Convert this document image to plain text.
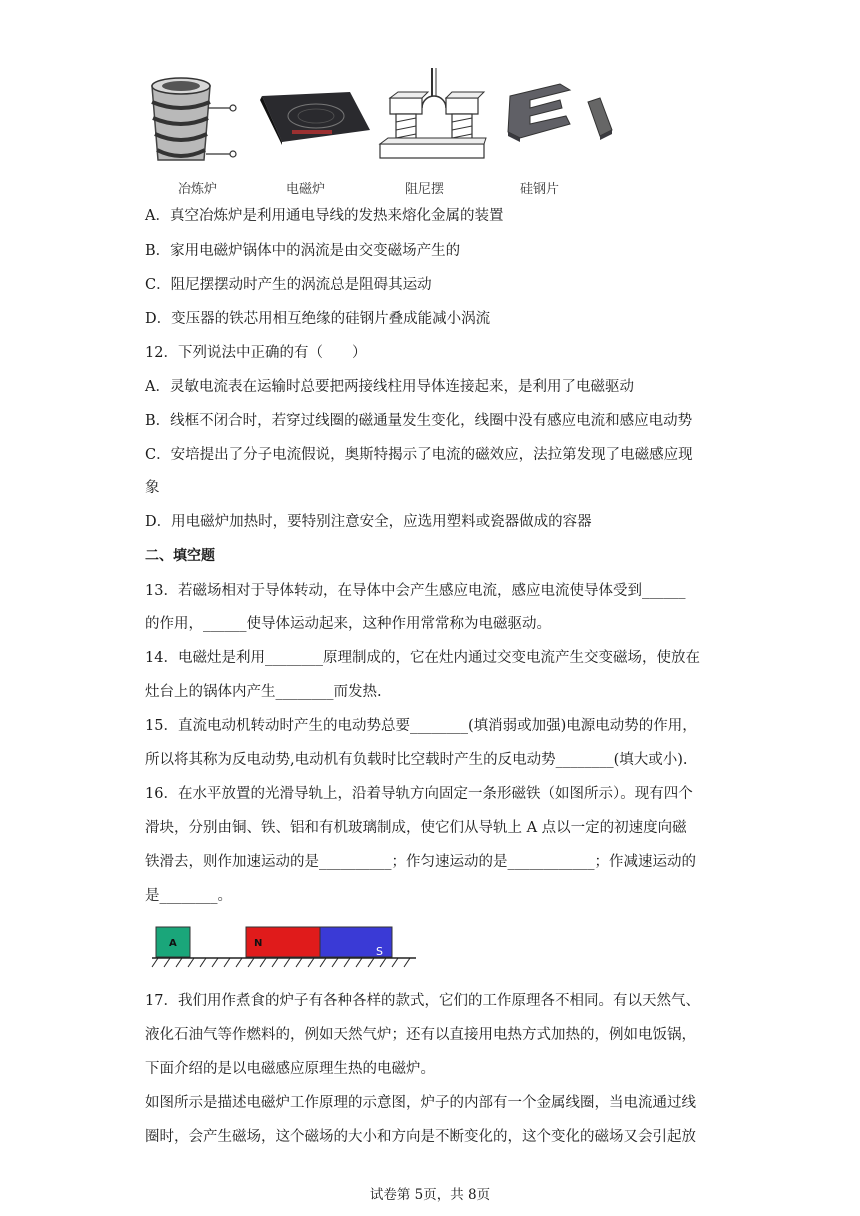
冶炼炉	电磁炉	阻尼摆	硅钢片
A．真空冶炼炉是利用通电导线的发热来熔化金属的装置
B．家用电磁炉锅体中的涡流是由交变磁场产生的
C．阻尼摆摆动时产生的涡流总是阻碍其运动
D．变压器的铁芯用相互绝缘的硅钢片叠成能减小涡流
12．下列说法中正确的有（　　）
A．灵敏电流表在运输时总要把两接线柱用导体连接起来，是利用了电磁驱动
B．线框不闭合时，若穿过线圈的磁通量发生变化，线圈中没有感应电流和感应电动势
C．安培提出了分子电流假说，奥斯特揭示了电流的磁效应，法拉第发现了电磁感应现
象
D．用电磁炉加热时，要特别注意安全，应选用塑料或瓷器做成的容器
二、填空题
13．若磁场相对于导体转动，在导体中会产生感应电流，感应电流使导体受到______
的作用，______使导体运动起来，这种作用常常称为电磁驱动。
14．电磁灶是利用________原理制成的，它在灶内通过交变电流产生交变磁场，使放在
灶台上的锅体内产生________而发热.
15．直流电动机转动时产生的电动势总要________(填消弱或加强)电源电动势的作用，
所以将其称为反电动势,电动机有负载时比空载时产生的反电动势________(填大或小).
16．在水平放置的光滑导轨上，沿着导轨方向固定一条形磁铁（如图所示）。现有四个
滑块，分别由铜、铁、铝和有机玻璃制成，使它们从导轨上 A 点以一定的初速度向磁
铁滑去，则作加速运动的是__________；作匀速运动的是____________；作减速运动的
是________。
A	N
S
17．我们用作煮食的炉子有各种各样的款式，它们的工作原理各不相同。有以天然气、
液化石油气等作燃料的，例如天然气炉；还有以直接用电热方式加热的，例如电饭锅，
下面介绍的是以电磁感应原理生热的电磁炉。
如图所示是描述电磁炉工作原理的示意图，炉子的内部有一个金属线圈，当电流通过线
圈时，会产生磁场，这个磁场的大小和方向是不断变化的，这个变化的磁场又会引起放
试卷第 5页，共 8页
